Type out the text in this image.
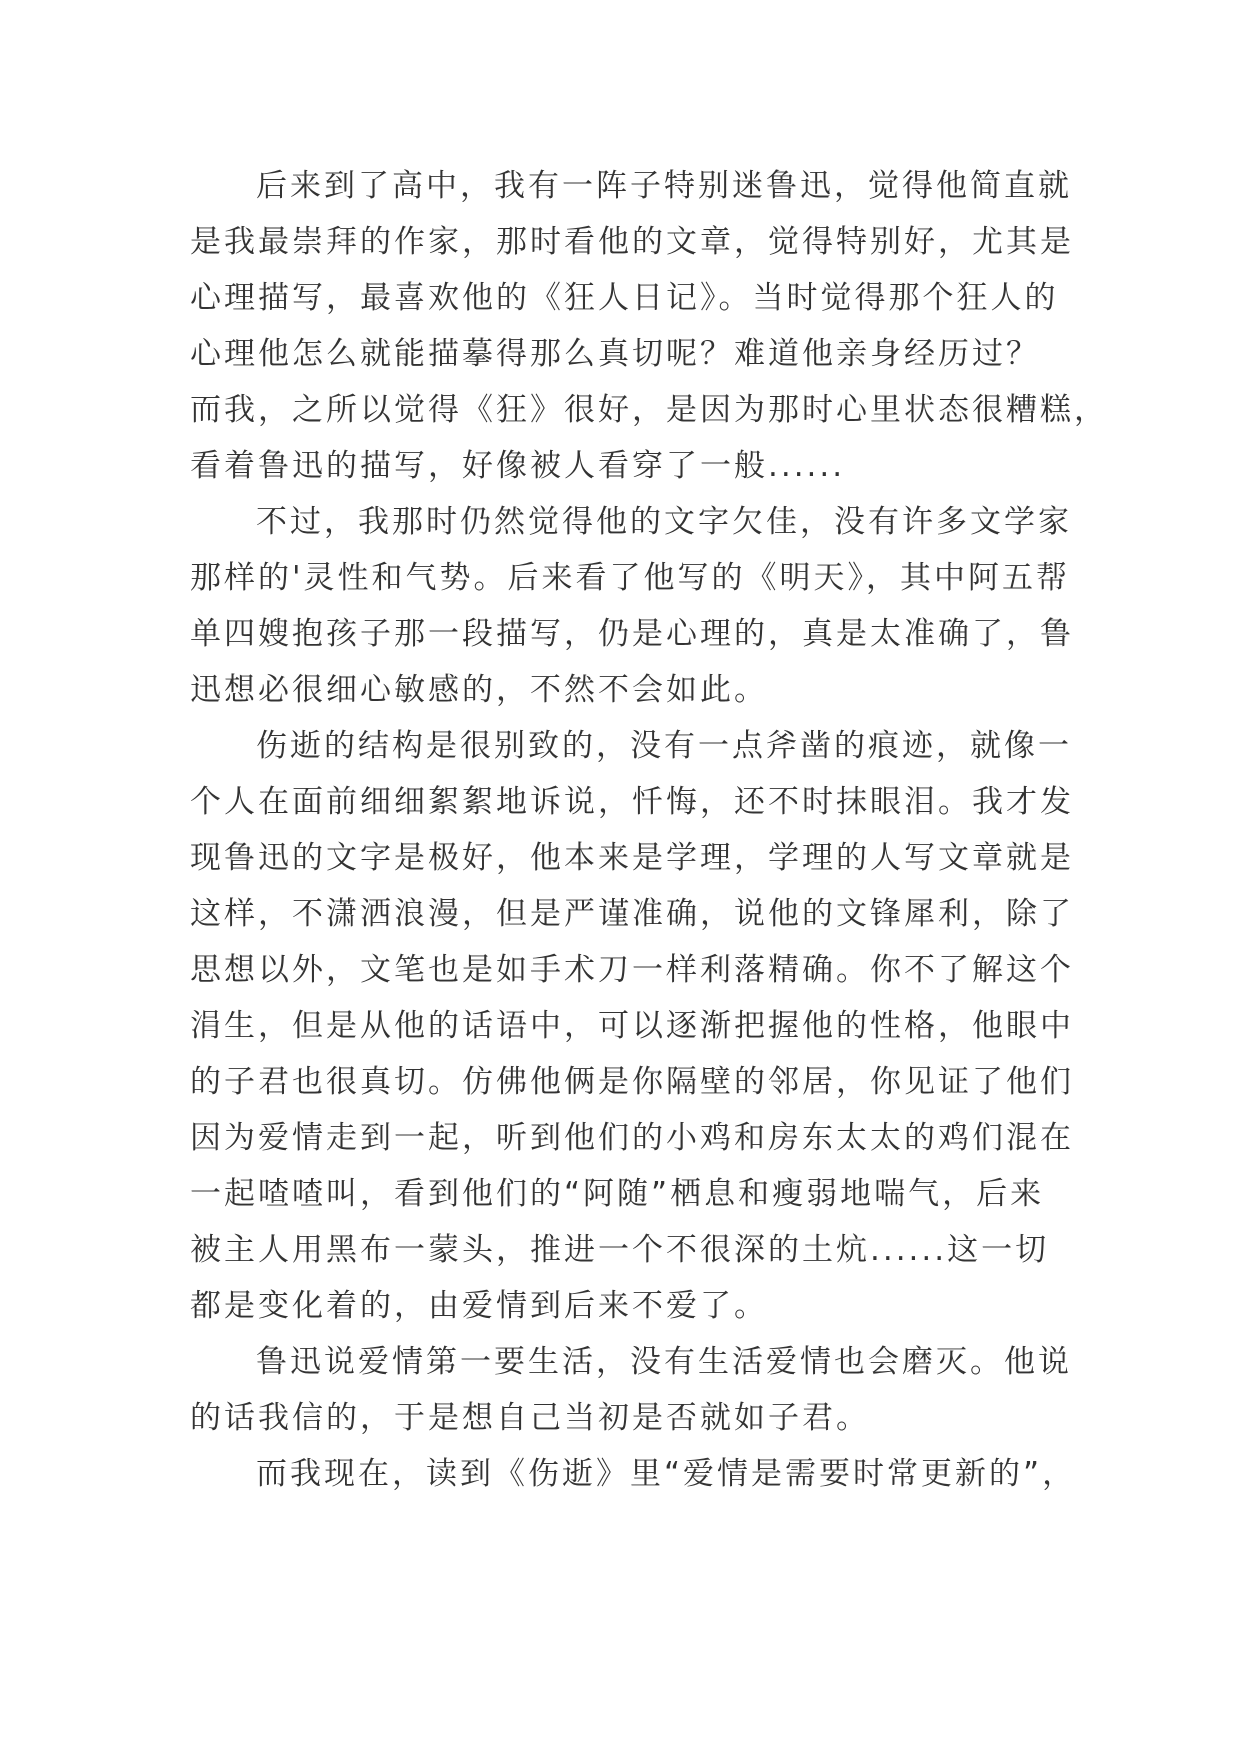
后来到了高中，我有一阵子特别迷鲁迅，觉得他简直就
是我最崇拜的作家，那时看他的文章，觉得特别好，尤其是
心理描写，最喜欢他的《狂人日记》。当时觉得那个狂人的
心理他怎么就能描摹得那么真切呢？难道他亲身经历过？
而我，之所以觉得《狂》很好，是因为那时心里状态很糟糕，
看着鲁迅的描写，好像被人看穿了一般......
不过，我那时仍然觉得他的文字欠佳，没有许多文学家
那样的'灵性和气势。后来看了他写的《明天》，其中阿五帮
单四嫂抱孩子那一段描写，仍是心理的，真是太准确了，鲁
迅想必很细心敏感的，不然不会如此。
伤逝的结构是很别致的，没有一点斧凿的痕迹，就像一
个人在面前细细絮絮地诉说，忏悔，还不时抹眼泪。我才发
现鲁迅的文字是极好，他本来是学理，学理的人写文章就是
这样，不潇洒浪漫，但是严谨准确，说他的文锋犀利，除了
思想以外，文笔也是如手术刀一样利落精确。你不了解这个
涓生，但是从他的话语中，可以逐渐把握他的性格，他眼中
的子君也很真切。仿佛他俩是你隔壁的邻居，你见证了他们
因为爱情走到一起，听到他们的小鸡和房东太太的鸡们混在
一起喳喳叫，看到他们的“阿随”栖息和瘦弱地喘气，后来
被主人用黑布一蒙头，推进一个不很深的土炕......这一切
都是变化着的，由爱情到后来不爱了。
鲁迅说爱情第一要生活，没有生活爱情也会磨灭。他说
的话我信的，于是想自己当初是否就如子君。
而我现在，读到《伤逝》里“爱情是需要时常更新的”，
